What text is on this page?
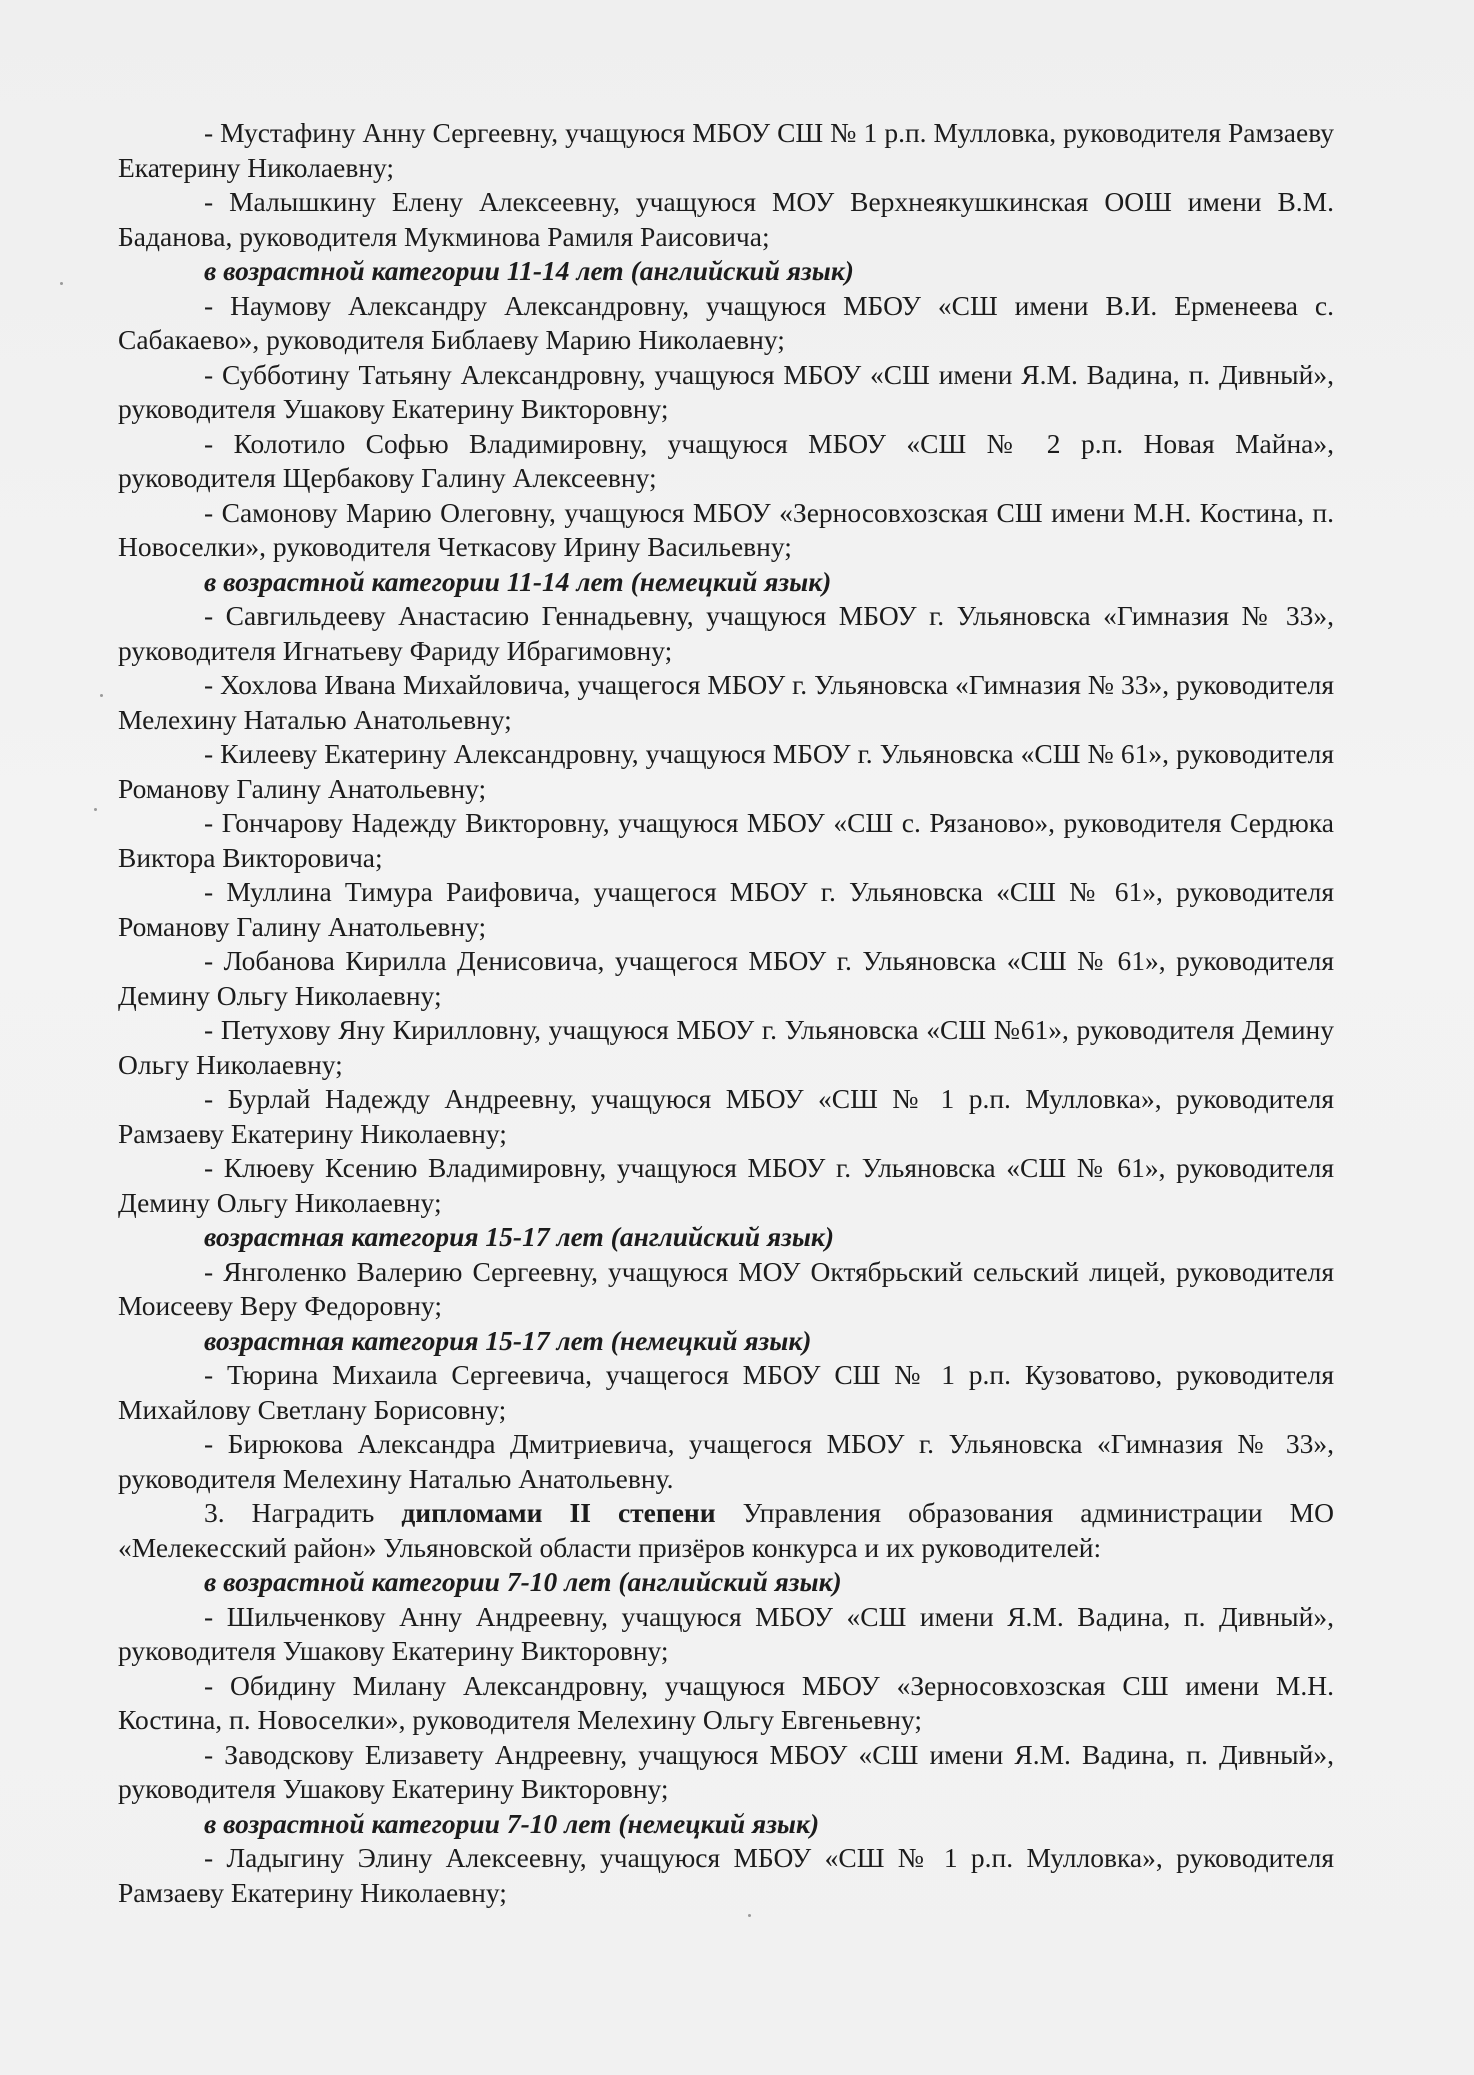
- Мустафину Анну Сергеевну, учащуюся МБОУ СШ № 1 р.п. Мулловка, руководителя Рамзаеву Екатерину Николаевну;

- Малышкину Елену Алексеевну, учащуюся МОУ Верхнеякушкинская ООШ имени В.М. Баданова, руководителя Мукминова Рамиля Раисовича;

в возрастной категории 11-14 лет (английский язык)

- Наумову Александру Александровну, учащуюся МБОУ «СШ имени В.И. Ерменеева с. Сабакаево», руководителя Библаеву Марию Николаевну;

- Субботину Татьяну Александровну, учащуюся МБОУ «СШ имени Я.М. Вадина, п. Дивный», руководителя Ушакову Екатерину Викторовну;

- Колотило Софью Владимировну, учащуюся МБОУ «СШ № 2 р.п. Новая Майна», руководителя Щербакову Галину Алексеевну;

- Самонову Марию Олеговну, учащуюся МБОУ «Зерносовхозская СШ имени М.Н. Костина, п. Новоселки», руководителя Четкасову Ирину Васильевну;

в возрастной категории 11-14 лет (немецкий язык)

- Савгильдееву Анастасию Геннадьевну, учащуюся МБОУ г. Ульяновска «Гимназия № 33», руководителя Игнатьеву Фариду Ибрагимовну;

- Хохлова Ивана Михайловича, учащегося МБОУ г. Ульяновска «Гимназия № 33», руководителя Мелехину Наталью Анатольевну;

- Килееву Екатерину Александровну, учащуюся МБОУ г. Ульяновска «СШ № 61», руководителя Романову Галину Анатольевну;

- Гончарову Надежду Викторовну, учащуюся МБОУ «СШ с. Рязаново», руководителя Сердюка Виктора Викторовича;

- Муллина Тимура Раифовича, учащегося МБОУ г. Ульяновска «СШ № 61», руководителя Романову Галину Анатольевну;

- Лобанова Кирилла Денисовича, учащегося МБОУ г. Ульяновска «СШ № 61», руководителя Демину Ольгу Николаевну;

- Петухову Яну Кирилловну, учащуюся МБОУ г. Ульяновска «СШ №61», руководителя Демину Ольгу Николаевну;

- Бурлай Надежду Андреевну, учащуюся МБОУ «СШ № 1 р.п. Мулловка», руководителя Рамзаеву Екатерину Николаевну;

- Клюеву Ксению Владимировну, учащуюся МБОУ г. Ульяновска «СШ № 61», руководителя Демину Ольгу Николаевну;

возрастная категория 15-17 лет (английский язык)

- Янголенко Валерию Сергеевну, учащуюся МОУ Октябрьский сельский лицей, руководителя Моисееву Веру Федоровну;

возрастная категория 15-17 лет (немецкий язык)

- Тюрина Михаила Сергеевича, учащегося МБОУ СШ № 1 р.п. Кузоватово, руководителя Михайлову Светлану Борисовну;

- Бирюкова Александра Дмитриевича, учащегося МБОУ г. Ульяновска «Гимназия № 33», руководителя Мелехину Наталью Анатольевну.

3. Наградить дипломами II степени Управления образования администрации МО «Мелекесский район» Ульяновской области призёров конкурса и их руководителей:

в возрастной категории 7-10 лет (английский язык)

- Шильченкову Анну Андреевну, учащуюся МБОУ «СШ имени Я.М. Вадина, п. Дивный», руководителя Ушакову Екатерину Викторовну;

- Обидину Милану Александровну, учащуюся МБОУ «Зерносовхозская СШ имени М.Н. Костина, п. Новоселки», руководителя Мелехину Ольгу Евгеньевну;

- Заводскову Елизавету Андреевну, учащуюся МБОУ «СШ имени Я.М. Вадина, п. Дивный», руководителя Ушакову Екатерину Викторовну;

в возрастной категории 7-10 лет (немецкий язык)

- Ладыгину Элину Алексеевну, учащуюся МБОУ «СШ № 1 р.п. Мулловка», руководителя Рамзаеву Екатерину Николаевну;
